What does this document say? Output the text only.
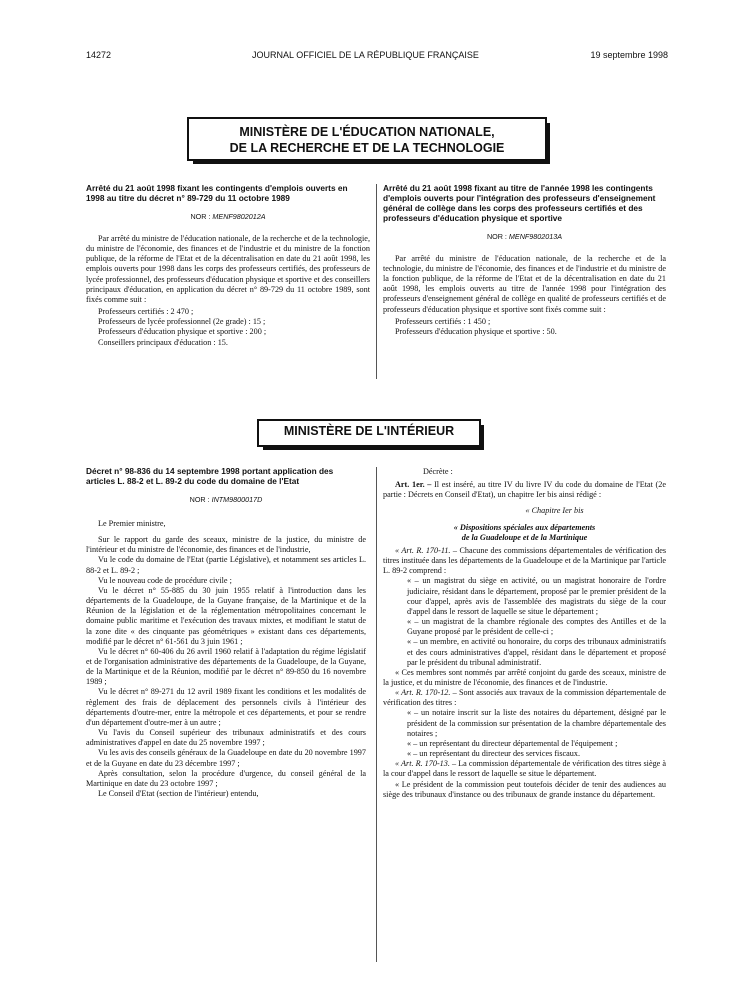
14272	JOURNAL OFFICIEL DE LA RÉPUBLIQUE FRANÇAISE	19 septembre 1998
MINISTÈRE DE L'ÉDUCATION NATIONALE,
DE LA RECHERCHE ET DE LA TECHNOLOGIE
Arrêté du 21 août 1998 fixant les contingents d'emplois ouverts en 1998 au titre du décret n° 89-729 du 11 octobre 1989
NOR : MENF9802012A

Par arrêté du ministre de l'éducation nationale, de la recherche et de la technologie, du ministre de l'économie, des finances et de l'industrie et du ministre de la fonction publique, de la réforme de l'Etat et de la décentralisation en date du 21 août 1998, les emplois ouverts pour 1998 dans les corps des professeurs certifiés, des professeurs de lycée professionnel, des professeurs d'éducation physique et sportive et des conseillers principaux d'éducation, en application du décret n° 89-729 du 11 octobre 1989, sont fixés comme suit :

Professeurs certifiés : 2 470 ;

Professeurs de lycée professionnel (2e grade) : 15 ;

Professeurs d'éducation physique et sportive : 200 ;

Conseillers principaux d'éducation : 15.

Arrêté du 21 août 1998 fixant au titre de l'année 1998 les contingents d'emplois ouverts pour l'intégration des professeurs d'enseignement général de collège dans les corps des professeurs certifiés et des professeurs d'éducation physique et sportive
NOR : MENF9802013A

Par arrêté du ministre de l'éducation nationale, de la recherche et de la technologie, du ministre de l'économie, des finances et de l'industrie et du ministre de la fonction publique, de la réforme de l'Etat et de la décentralisation en date du 21 août 1998, les emplois ouverts au titre de l'année 1998 pour l'intégration des professeurs d'enseignement général de collège en qualité de professeurs certifiés et de professeurs d'éducation physique et sportive sont fixés comme suit :

Professeurs certifiés : 1 450 ;

Professeurs d'éducation physique et sportive : 50.

MINISTÈRE DE L'INTÉRIEUR
Décret n° 98-836 du 14 septembre 1998 portant application des articles L. 88-2 et L. 89-2 du code du domaine de l'Etat
NOR : INTM9800017D

Le Premier ministre,

Sur le rapport du garde des sceaux, ministre de la justice, du ministre de l'intérieur et du ministre de l'économie, des finances et de l'industrie,

Vu le code du domaine de l'Etat (partie Législative), et notamment ses articles L. 88-2 et L. 89-2 ;

Vu le nouveau code de procédure civile ;

Vu le décret n° 55-885 du 30 juin 1955 relatif à l'introduction dans les départements de la Guadeloupe, de la Guyane française, de la Martinique et de la Réunion de la législation et de la réglementation métropolitaines concernant le domaine public maritime et l'exécution des travaux mixtes, et modifiant le statut de la zone dite « des cinquante pas géométriques » existant dans ces départements, modifié par le décret n° 61-561 du 3 juin 1961 ;

Vu le décret n° 60-406 du 26 avril 1960 relatif à l'adaptation du régime législatif et de l'organisation administrative des départements de la Guadeloupe, de la Guyane, de la Martinique et de la Réunion, modifié par le décret n° 89-850 du 16 novembre 1989 ;

Vu le décret n° 89-271 du 12 avril 1989 fixant les conditions et les modalités de règlement des frais de déplacement des personnels civils à l'intérieur des départements d'outre-mer, entre la métropole et ces départements, et pour se rendre d'un département d'outre-mer à un autre ;

Vu l'avis du Conseil supérieur des tribunaux administratifs et des cours administratives d'appel en date du 25 novembre 1997 ;

Vu les avis des conseils généraux de la Guadeloupe en date du 20 novembre 1997 et de la Guyane en date du 23 décembre 1997 ;

Après consultation, selon la procédure d'urgence, du conseil général de la Martinique en date du 23 octobre 1997 ;

Le Conseil d'Etat (section de l'intérieur) entendu,

Décrète :

Art. 1er. – Il est inséré, au titre IV du livre IV du code du domaine de l'Etat (2e partie : Décrets en Conseil d'Etat), un chapitre Ier bis ainsi rédigé :

« Chapitre Ier bis

« Dispositions spéciales aux départements

de la Guadeloupe et de la Martinique

« Art. R. 170-11. – Chacune des commissions départementales de vérification des titres instituée dans les départements de la Guadeloupe et de la Martinique par l'article L. 89-2 comprend :

« – un magistrat du siège en activité, ou un magistrat honoraire de l'ordre judiciaire, résidant dans le département, proposé par le premier président de la cour d'appel, après avis de l'assemblée des magistrats du siège de la cour d'appel dans le ressort de laquelle se situe le département ;

« – un magistrat de la chambre régionale des comptes des Antilles et de la Guyane proposé par le président de celle-ci ;

« – un membre, en activité ou honoraire, du corps des tribunaux administratifs et des cours administratives d'appel, résidant dans le département et proposé par le président du tribunal administratif.

« Ces membres sont nommés par arrêté conjoint du garde des sceaux, ministre de la justice, et du ministre de l'économie, des finances et de l'industrie.

« Art. R. 170-12. – Sont associés aux travaux de la commission départementale de vérification des titres :

« – un notaire inscrit sur la liste des notaires du département, désigné par le président de la commission sur présentation de la chambre départementale des notaires ;

« – un représentant du directeur départemental de l'équipement ;

« – un représentant du directeur des services fiscaux.

« Art. R. 170-13. – La commission départementale de vérification des titres siège à la cour d'appel dans le ressort de laquelle se situe le département.

« Le président de la commission peut toutefois décider de tenir des audiences au siège des tribunaux d'instance ou des tribunaux de grande instance du département.
